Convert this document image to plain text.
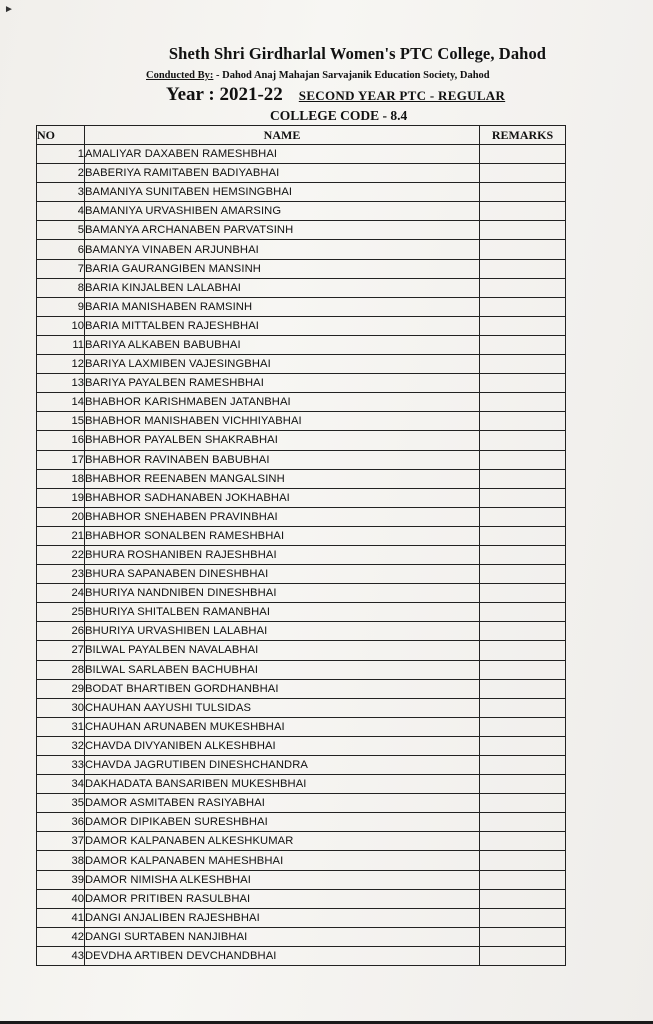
►
Sheth Shri Girdharlal Women's PTC College, Dahod
Conducted By: - Dahod Anaj Mahajan Sarvajanik Education Society, Dahod
Year : 2021-22 SECOND YEAR PTC - REGULAR
COLLEGE CODE - 8.4
NO	NAME	REMARKS
1	AMALIYAR DAXABEN RAMESHBHAI	
2	BABERIYA RAMITABEN BADIYABHAI	
3	BAMANIYA SUNITABEN HEMSINGBHAI	
4	BAMANIYA URVASHIBEN AMARSING	
5	BAMANYA ARCHANABEN PARVATSINH	
6	BAMANYA VINABEN ARJUNBHAI	
7	BARIA GAURANGIBEN MANSINH	
8	BARIA KINJALBEN LALABHAI	
9	BARIA MANISHABEN RAMSINH	
10	BARIA MITTALBEN RAJESHBHAI	
11	BARIYA ALKABEN BABUBHAI	
12	BARIYA LAXMIBEN VAJESINGBHAI	
13	BARIYA PAYALBEN RAMESHBHAI	
14	BHABHOR KARISHMABEN JATANBHAI	
15	BHABHOR MANISHABEN VICHHIYABHAI	
16	BHABHOR PAYALBEN SHAKRABHAI	
17	BHABHOR RAVINABEN BABUBHAI	
18	BHABHOR REENABEN MANGALSINH	
19	BHABHOR SADHANABEN JOKHABHAI	
20	BHABHOR SNEHABEN PRAVINBHAI	
21	BHABHOR SONALBEN RAMESHBHAI	
22	BHURA ROSHANIBEN RAJESHBHAI	
23	BHURA SAPANABEN DINESHBHAI	
24	BHURIYA NANDNIBEN DINESHBHAI	
25	BHURIYA SHITALBEN RAMANBHAI	
26	BHURIYA URVASHIBEN LALABHAI	
27	BILWAL PAYALBEN NAVALABHAI	
28	BILWAL SARLABEN BACHUBHAI	
29	BODAT BHARTIBEN GORDHANBHAI	
30	CHAUHAN AAYUSHI TULSIDAS	
31	CHAUHAN ARUNABEN MUKESHBHAI	
32	CHAVDA DIVYANIBEN ALKESHBHAI	
33	CHAVDA JAGRUTIBEN DINESHCHANDRA	
34	DAKHADATA BANSARIBEN MUKESHBHAI	
35	DAMOR ASMITABEN RASIYABHAI	
36	DAMOR DIPIKABEN SURESHBHAI	
37	DAMOR KALPANABEN ALKESHKUMAR	
38	DAMOR KALPANABEN MAHESHBHAI	
39	DAMOR NIMISHA ALKESHBHAI	
40	DAMOR PRITIBEN RASULBHAI	
41	DANGI ANJALIBEN RAJESHBHAI	
42	DANGI SURTABEN NANJIBHAI	
43	DEVDHA ARTIBEN DEVCHANDBHAI	
